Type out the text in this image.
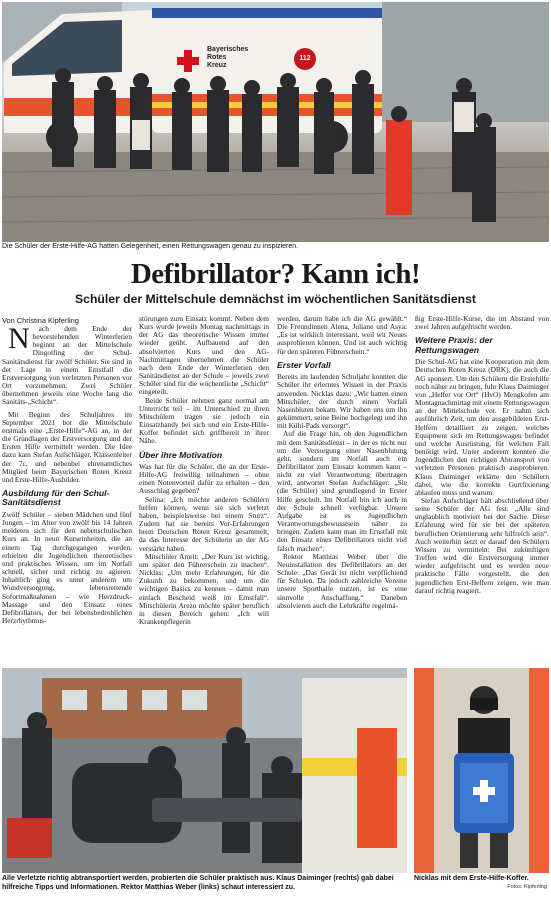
Bayerisches
Rotes
Kreuz
112
Die Schüler der Erste-Hilfe-AG hatten Gelegenheit, einen Rettungswagen genau zu inspizieren.
Defibrillator? Kann ich!
Schüler der Mittelschule demnächst im wöchentlichen Sanitätsdienst

N ach dem Ende der bevorstehenden Winterferien beginnt an der Mittelschule Dingolfing der Schul-Sanitätsdienst für zwölf Schüler. Sie sind in der Lage in einem Ernstfall die Erstversorgung von verletzten Personen vor Ort vorzunehmen. Zwei Schüler übernehmen jeweils eine Woche lang die Sanitäts-„Schicht“.

Mit Beginn des Schuljahres im September 2021 bot die Mittelschule erstmals eine „Erste-Hilfe“-AG an, in der die Grundlagen der Erstversorgung und der Ersten Hilfe vermittelt werden. Die Idee dazu kam Stefan Aufschläger, Klassenleiter der 7c, und nebenbei ehrenamtliches Mitglied beim Bayerischen Roten Kreuz und Erste-Hilfe-Ausbilder.

Ausbildung für den Schul-Sanitätsdienst

Zwölf Schüler – sieben Mädchen und fünf Jungen – im Alter von zwölf bis 14 Jahren meldeten sich für den nebenschulischen Kurs an. In neun Kurseinheiten, die an einem Tag durchgegangen wurden, erhielten die Jugendlichen theoretisches und praktisches Wissen, um im Notfall schnell, sicher und richtig zu agieren. Inhaltlich ging es unter anderem um Wundversorgung, lebensrettende Sofortmaßnahmen – wie Herzdruck-Massage und den Einsatz eines Defibrillators, der bei lebensbedrohlichen Herzrhythmus-

Von Christina Kipferling	störungen zum Einsatz kommt. Neben dem Kurs wurde jeweils Montag nachmittags in der AG das theoretische Wissen immer wieder geübt. Aufbauend auf den absolvierten Kurs und den AG-Nachmittagen übernehmen die Schüler nach dem Ende der Winterferien den Sanitätsdienst an der Schule – jeweils zwei Schüler sind für die wöchentliche „Schicht“ eingeteilt.

Beide Schüler nehmen ganz normal am Unterricht teil – im Unterschied zu ihren Mitschülern tragen sie jedoch ein Einsatzhandy bei sich und ein Erste-Hilfe-Koffer befindet sich griffbereit in ihrer Nähe.

Über ihre Motivation

Was hat für die Schüler, die an der Erste-Hilfe-AG freiwillig teilnahmen – ohne einen Notenvorteil dafür zu erhalten – den Ausschlag gegeben?

Selina: „Ich möchte anderen Schülern helfen können, wenn sie sich verletzt haben, beispielsweise bei einem Sturz“. Zudem hat sie bereits Vor-Erfahrungen beim Deutschen Roten Kreuz gesammelt, da das Interesse der Schülerin an der AG verstärkt haben.

Mitschüler Amrit: „Der Kurs ist wichtig, um später den Führerschein zu machen“. Nicklas: „Um mehr Erfahrungen, für die Zukunft zu bekommen, und um die wichtigen Basics zu kennen – damit man einfach Bescheid weiß im Ernstfall“. Mitschülerin Arezo möchte später beruflich in diesen Bereich gehen: „Ich will Krankenpflegerin

werden, darum habe ich die AG gewählt.“ Die Freundinnen Alena, Juliane und Asya: „Es ist wirklich interessant, weil wir Neues ausprobieren können. Und ist auch wichtig für den späteren Führerschein.“

Erster Vorfall

Bereits im laufenden Schuljahr konnten die Schüler ihr erlerntes Wissen in der Praxis anwenden. Nicklas dazu: „Wir hatten einen Mitschüler, der durch einen Vorfall Nasenbluten bekam. Wir haben uns um ihn gekümmert, seine Beine hochgelegt und ihn mit Kühl-Pads versorgt“.

Auf die Frage hin, ob den Jugendlichen mit dem Sanitätsdienst – in der es nicht nur um die Versorgung einer Nasenblutung geht, sondern im Notfall auch ein Defibrillator zum Einsatz kommen kann – nicht zu viel Verantwortung übertragen wird, antwortet Stefan Aufschläger: „Sie (die Schüler) sind grundlegend in Erster Hilfe geschult. Im Notfall bin ich auch in der Schule schnell verfügbar. Unsere Aufgabe ist es Jugendlichen Verantwortungsbewusstsein näher zu bringen. Zudem kann man im Ernstfall mit den Einsatz eines Defibrillators nicht viel falsch machen“.

Rektor Matthias Weber über die Neuinstallation des Defibrillators an der Schule: „Das Gerät ist nicht verpflichtend für Schulen. Da jedoch zahlreiche Vereine unsere Sporthalle nutzen, ist es eine sinnvolle Anschaffung.“ Daneben absolvieren auch die Lehrkräfte regelmä-

ßig Erste-Hilfe-Kurse, die im Abstand von zwei Jahren aufgefrischt werden.

Weitere Praxis: der Rettungswagen

Die Schul-AG hat eine Kooperation mit dem Deutschen Roten Kreuz (DRK), die auch die AG sponsert. Um den Schülern die Erstehilfe noch näher zu bringen, fuhr Klaus Daiminger von „Helfer vor Ort“ (HvO) Mengkofen am Montagnachmittag mit einem Rettungswagen an der Mittelschule vor. Er nahm sich ausführlich Zeit, um den ausgebildeten Erst-Helfern detailliert zu zeigen, welches Equipment sich im Rettungswagen befindet und welche Ausrüstung, für welchen Fall benötigt wird. Unter anderem konnten die Jugendlichen den richtigen Abtransport von verletzten Personen praktisch ausprobieren. Klaus Daiminger erklärte den Schülern dabei, wie die korrekte Gurtfixierung ablaufen muss und warum.

Stefan Aufschläger hält abschließend über seine Schüler der AG fest: „Alle sind unglaublich motiviert bei der Sache. Diese Erfahrung wird für sie bei der späteren beruflichen Orientierung sehr hilfreich sein“. Auch weiterhin setzt er darauf den Schülern Wissen zu vermitteln: Bei zukünftigen Treffen wird die Erstversorgung immer wieder aufgefrischt und es werden neue praktische Fälle vorgestellt, die den jugendlichen Erst-Helfern zeigen, wie man darauf richtig reagiert.

Alle Verletzte richtig abtransportiert werden, probierten die Schüler praktisch aus. Klaus Daiminger (rechts) gab dabei hilfreiche Tipps und Informationen. Rektor Matthias Weber (links) schaut interessiert zu.
Nicklas mit dem Erste-Hilfe-Koffer.
Fotos: Kipferling
